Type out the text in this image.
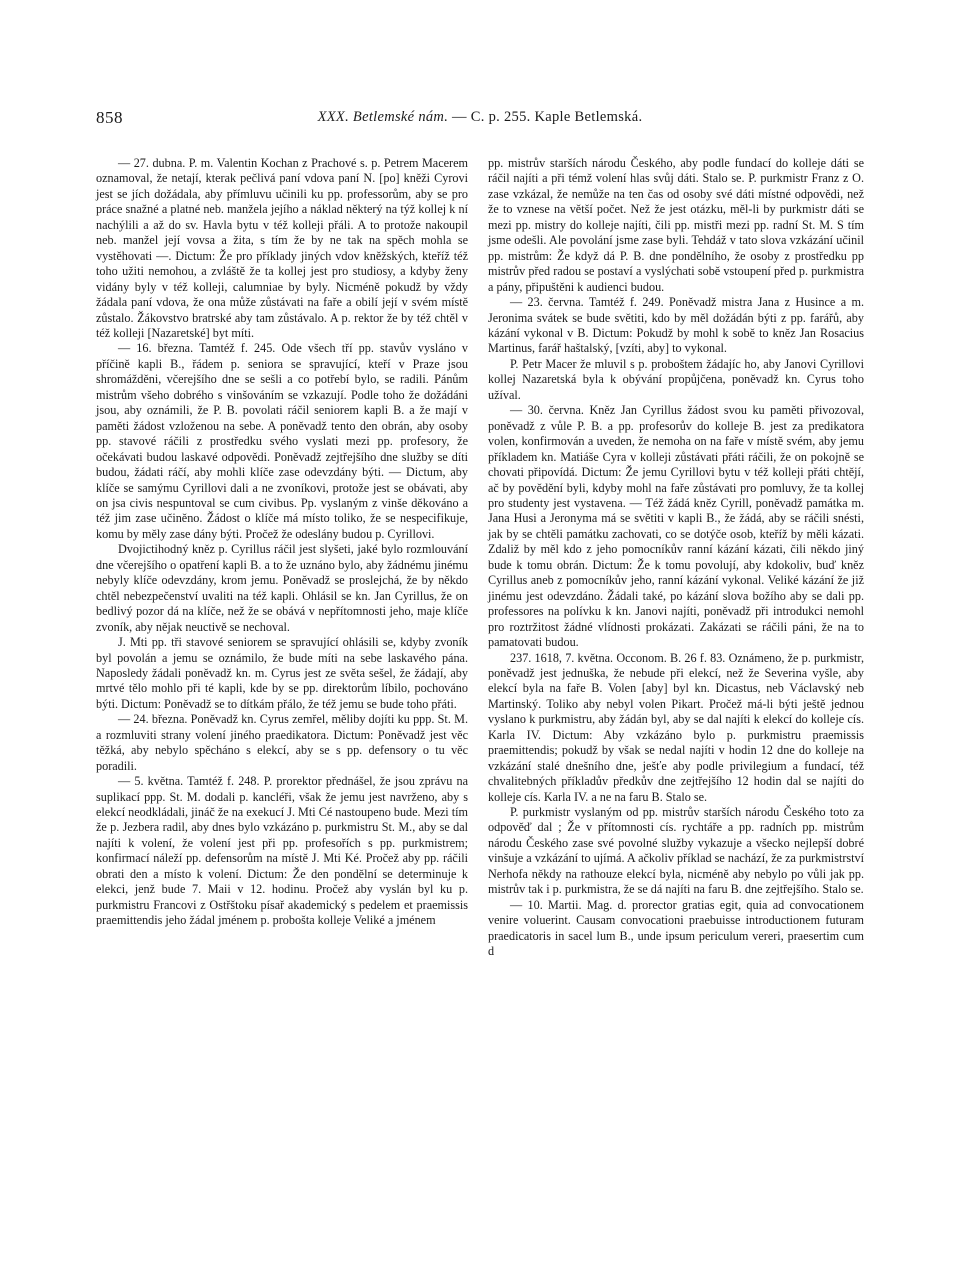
858	XXX. Betlemské nám. — C. p. 255. Kaple Betlemská.

— 27. dubna. P. m. Valentin Kochan z Prachové s. p. Petrem Macerem oznamoval, že netají, kterak pečlivá paní vdova paní N. [po] kněži Cyrovi jest se jích dožádala, aby přímluvu učinili ku pp. professorům, aby se pro práce snažné a platné neb. manžela jejího a náklad některý na týž kollej k ní nachýlili a až do sv. Havla bytu v též kolleji přáli. A to protože nakoupil neb. manžel její vovsa a žita, s tím že by ne tak na spěch mohla se vystěhovati —. Dictum: Že pro příklady jiných vdov kněžských, kteříž též toho užiti nemohou, a zvláště že ta kollej jest pro studiosy, a kdyby ženy vidány byly v též kolleji, calumniae by byly. Nicméně pokudž by vždy žádala paní vdova, že ona může zůstávati na faře a obilí její v svém místě zůstalo. Žákovstvo bratrské aby tam zůstávalo. A p. rektor že by též chtěl v též kolleji [Nazaretské] byt míti.

— 16. března. Tamtéž f. 245. Ode všech tří pp. stavův vysláno v příčině kapli B., řádem p. seniora se spravující, kteří v Praze jsou shromážděni, včerejšího dne se sešli a co potřebí bylo, se radili. Pánům mistrům všeho dobrého s vinšováním se vzkazují. Podle toho že dožádáni jsou, aby oznámili, že P. B. povolati ráčil seniorem kapli B. a že mají v paměti žádost vzloženou na sebe. A poněvadž tento den obrán, aby osoby pp. stavové ráčili z prostředku svého vyslati mezi pp. profesory, že očekávati budou laskavé odpovědi. Poněvadž zejtřejšího dne služby se díti budou, žádati ráčí, aby mohli klíče zase odevzdány býti. — Dictum, aby klíče se samýmu Cyrillovi dali a ne zvoníkovi, protože jest se obávati, aby on jsa civis nespuntoval se cum civibus. Pp. vyslaným z vinše děkováno a též jim zase učiněno. Žádost o klíče má místo toliko, že se nespecifikuje, komu by měly zase dány býti. Pročež že odeslány budou p. Cyrillovi.

Dvojictihodný kněz p. Cyrillus ráčil jest slyšeti, jaké bylo rozmlouvání dne včerejšího o opatření kapli B. a to že uznáno bylo, aby žádnému jinému nebyly klíče odevzdány, krom jemu. Poněvadž se proslejchá, že by někdo chtěl nebezpečenství uvaliti na též kapli. Ohlásil se kn. Jan Cyrillus, že on bedlivý pozor dá na klíče, než že se obává v nepřítomnosti jeho, maje klíče zvoník, aby nějak neuctivě se nechoval.

J. Mti pp. tři stavové seniorem se spravující ohlásili se, kdyby zvoník byl povolán a jemu se oznámilo, že bude míti na sebe laskavého pána. Naposledy žádali poněvadž kn. m. Cyrus jest ze světa sešel, že žádají, aby mrtvé tělo mohlo při té kapli, kde by se pp. direktorům líbilo, pochováno býti. Dictum: Poněvadž se to dítkám přálo, že též jemu se bude toho přáti.

— 24. března. Poněvadž kn. Cyrus zemřel, měliby dojíti ku ppp. St. M. a rozmluviti strany volení jiného praedikatora. Dictum: Poněvadž jest věc těžká, aby nebylo spěcháno s elekcí, aby se s pp. defensory o tu věc poradili.

— 5. května. Tamtéž f. 248. P. prorektor přednášel, že jsou zprávu na suplikací ppp. St. M. dodali p. kancléři, však že jemu jest navrženo, aby s elekcí neodkládali, jináč že na exekucí J. Mti Cé nastoupeno bude. Mezi tím že p. Jezbera radil, aby dnes bylo vzkázáno p. purkmistru St. M., aby se dal najíti k volení, že volení jest při pp. profesořích s pp. purkmistrem; konfirmací náleží pp. defensorům na místě J. Mti Ké. Pročež aby pp. ráčili obrati den a místo k volení. Dictum: Že den pondělní se determinuje k elekci, jenž bude 7. Maii v 12. hodinu. Pročež aby vyslán byl ku p. purkmistru Francovi z Ostřštoku písař akademický s pedelem et praemissis praemittendis jeho žádal jménem p. probošta kolleje Veliké a jménem

pp. mistrův starších národu Českého, aby podle fundací do kolleje dáti se ráčil najíti a při témž volení hlas svůj dáti. Stalo se. P. purkmistr Franz z O. zase vzkázal, že nemůže na ten čas od osoby své dáti místné odpovědi, než že to vznese na větší počet. Než že jest otázku, měl-li by purkmistr dáti se mezi pp. mistry do kolleje najíti, čili pp. mistři mezi pp. radní St. M. S tím jsme odešli. Ale povolání jsme zase byli. Tehdáž v tato slova vzkázání učinil pp. mistrům: Že když dá P. B. dne pondělního, že osoby z prostředku pp mistrův před radou se postaví a vyslýchati sobě vstoupení před p. purkmistra a pány, připuštěni k audienci budou.

— 23. června. Tamtéž f. 249. Poněvadž mistra Jana z Husince a m. Jeronima svátek se bude světiti, kdo by měl dožádán býti z pp. farářů, aby kázání vykonal v B. Dictum: Pokudž by mohl k sobě to kněz Jan Rosacius Martinus, farář haštalský, [vzíti, aby] to vykonal.

P. Petr Macer že mluvil s p. proboštem žádajíc ho, aby Janovi Cyrillovi kollej Nazaretská byla k obývání propůjčena, poněvadž kn. Cyrus toho užíval.

— 30. června. Kněz Jan Cyrillus žádost svou ku paměti přivozoval, poněvadž z vůle P. B. a pp. profesorův do kolleje B. jest za predikatora volen, konfirmován a uveden, že nemoha on na faře v místě svém, aby jemu příkladem kn. Matiáše Cyra v kolleji zůstávati přáti ráčili, že on pokojně se chovati připovídá. Dictum: Že jemu Cyrillovi bytu v též kolleji přáti chtějí, ač by povědění byli, kdyby mohl na faře zůstávati pro pomluvy, že ta kollej pro studenty jest vystavena. — Též žádá kněz Cyrill, poněvadž památka m. Jana Husi a Jeronyma má se světiti v kapli B., že žádá, aby se ráčili snésti, jak by se chtěli památku zachovati, co se dotýče osob, kteříž by měli kázati. Zdaliž by měl kdo z jeho pomocníkův ranní kázání kázati, čili někdo jiný bude k tomu obrán. Dictum: Že k tomu povolují, aby kdokoliv, buď kněz Cyrillus aneb z pomocníkův jeho, ranní kázání vykonal. Veliké kázání že již jinému jest odevzdáno. Žádali také, po kázání slova božího aby se dali pp. professores na polívku k kn. Janovi najíti, poněvadž při introdukci nemohl pro roztržitost žádné vlídnosti prokázati. Zakázati se ráčili páni, že na to pamatovati budou.

237. 1618, 7. května. Occonom. B. 26 f. 83. Oznámeno, že p. purkmistr, poněvadž jest jednuška, že nebude při elekcí, než že Severina vyšle, aby elekcí byla na faře B. Volen [aby] byl kn. Dicastus, neb Václavský neb Martinský. Toliko aby nebyl volen Pikart. Pročež má-li býti ještě jednou vyslano k purkmistru, aby žádán byl, aby se dal najíti k elekcí do kolleje cís. Karla IV. Dictum: Aby vzkázáno bylo p. purkmistru praemissis praemittendis; pokudž by však se nedal najíti v hodin 12 dne do kolleje na vzkázání stalé dnešního dne, ješťe aby podle privilegium a fundací, též chvalitebných příkladův předkův dne zejtřejšího 12 hodin dal se najíti do kolleje cís. Karla IV. a ne na faru B. Stalo se.

P. purkmistr vyslaným od pp. mistrův starších národu Českého toto za odpověď dal ; Že v přítomnosti cís. rychtáře a pp. radních pp. mistrům národu Českého zase své povolné služby vykazuje a všecko nejlepší dobré vinšuje a vzkázání to ujímá. A ačkoliv příklad se nachází, že za purkmistrství Nerhofa někdy na rathouze elekcí byla, nicméně aby nebylo po vůli jak pp. mistrův tak i p. purkmistra, že se dá najíti na faru B. dne zejtřejšího. Stalo se.

— 10. Martii. Mag. d. prorector gratias egit, quia ad convocationem venire voluerint. Causam convocationi praebuisse introductionem futuram praedicatoris in sacel lum B., unde ipsum periculum vereri, praesertim cum d
